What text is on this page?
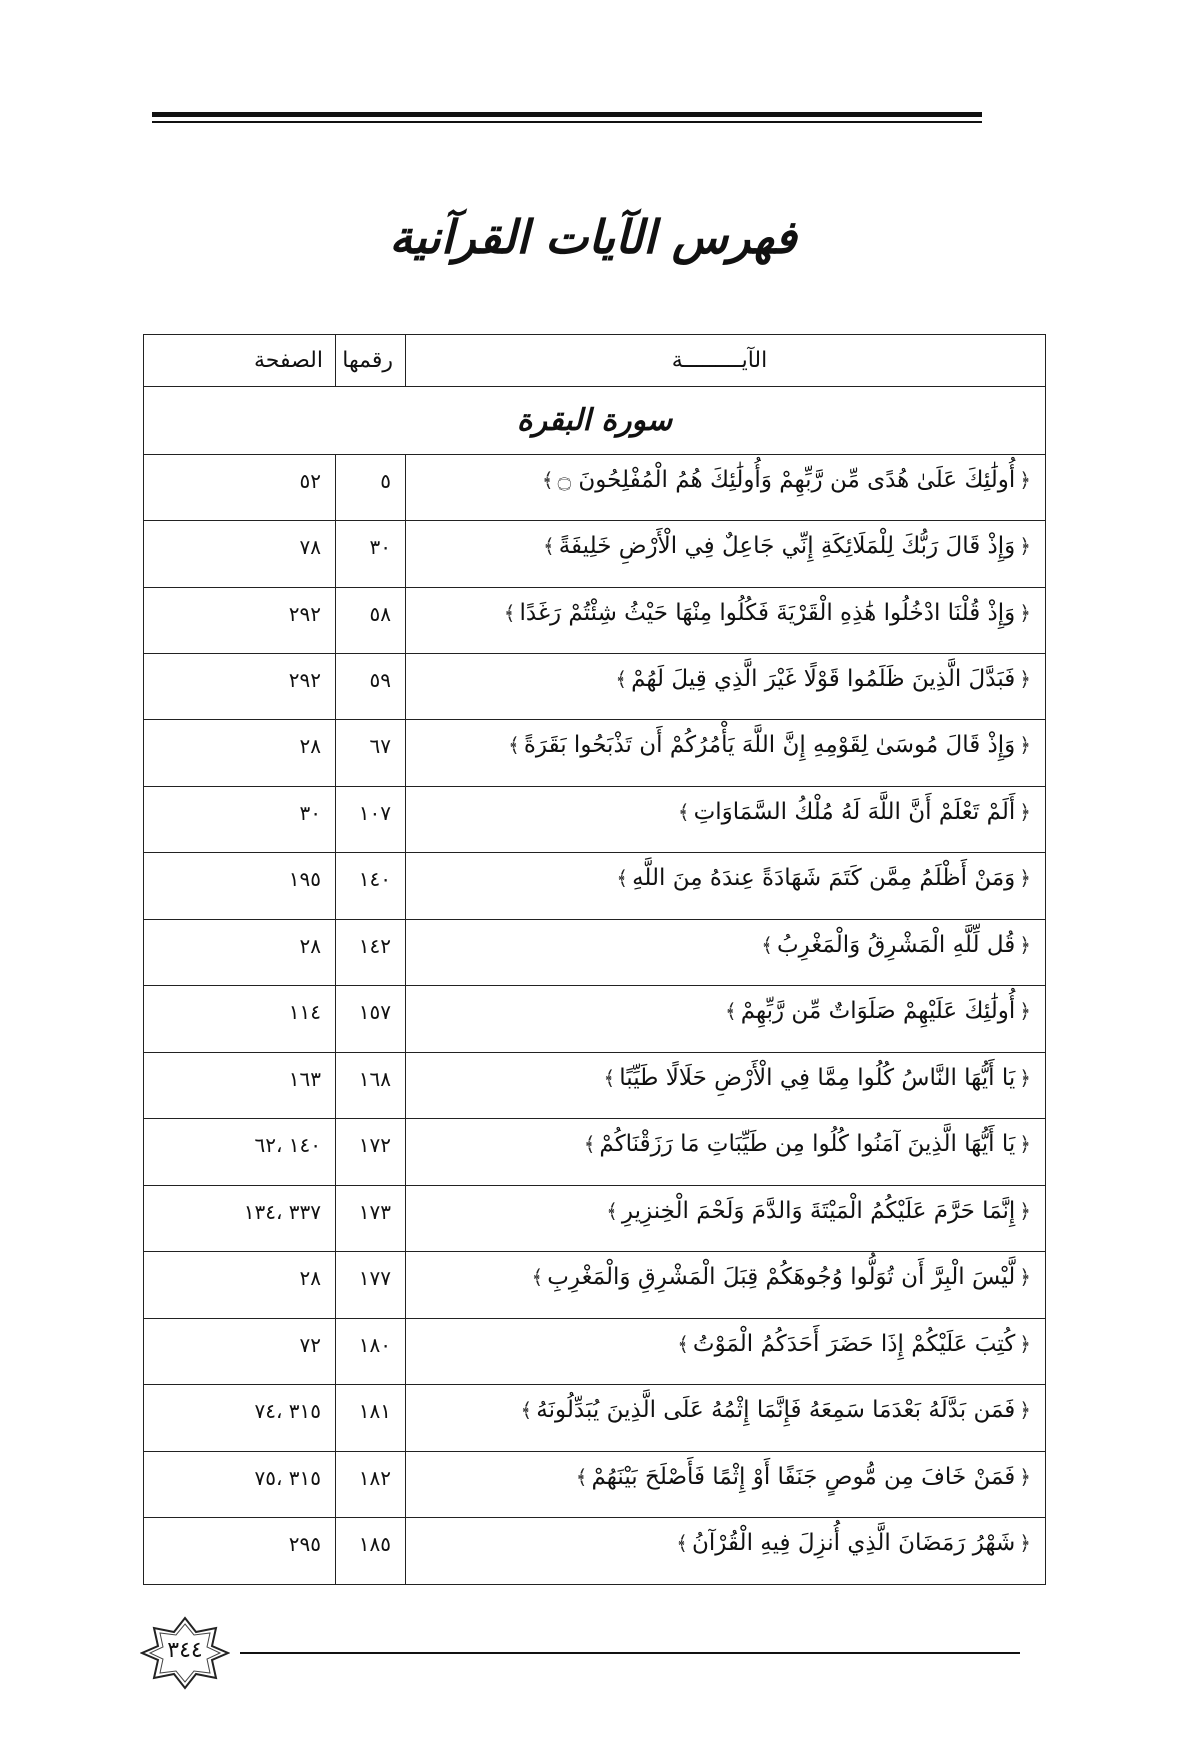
فهرس الآيات القرآنية
الآيـــــــــة	رقمها	الصفحة
سورة البقرة		
﴿أُولَٰئِكَ عَلَىٰ هُدًى مِّن رَّبِّهِمْ وَأُولَٰئِكَ هُمُ الْمُفْلِحُونَ ۝﴾	٥	٥٢
﴿وَإِذْ قَالَ رَبُّكَ لِلْمَلَائِكَةِ إِنِّي جَاعِلٌ فِي الْأَرْضِ خَلِيفَةً﴾	٣٠	٧٨
﴿وَإِذْ قُلْنَا ادْخُلُوا هَٰذِهِ الْقَرْيَةَ فَكُلُوا مِنْهَا حَيْثُ شِئْتُمْ رَغَدًا﴾	٥٨	٢٩٢
﴿فَبَدَّلَ الَّذِينَ ظَلَمُوا قَوْلًا غَيْرَ الَّذِي قِيلَ لَهُمْ﴾	٥٩	٢٩٢
﴿وَإِذْ قَالَ مُوسَىٰ لِقَوْمِهِ إِنَّ اللَّهَ يَأْمُرُكُمْ أَن تَذْبَحُوا بَقَرَةً﴾	٦٧	٢٨
﴿أَلَمْ تَعْلَمْ أَنَّ اللَّهَ لَهُ مُلْكُ السَّمَاوَاتِ﴾	١٠٧	٣٠
﴿وَمَنْ أَظْلَمُ مِمَّن كَتَمَ شَهَادَةً عِندَهُ مِنَ اللَّهِ﴾	١٤٠	١٩٥
﴿قُل لِّلَّهِ الْمَشْرِقُ وَالْمَغْرِبُ﴾	١٤٢	٢٨
﴿أُولَٰئِكَ عَلَيْهِمْ صَلَوَاتٌ مِّن رَّبِّهِمْ﴾	١٥٧	١١٤
﴿يَا أَيُّهَا النَّاسُ كُلُوا مِمَّا فِي الْأَرْضِ حَلَالًا طَيِّبًا﴾	١٦٨	١٦٣
﴿يَا أَيُّهَا الَّذِينَ آمَنُوا كُلُوا مِن طَيِّبَاتِ مَا رَزَقْنَاكُمْ﴾	١٧٢	١٤٠ ،٦٢
﴿إِنَّمَا حَرَّمَ عَلَيْكُمُ الْمَيْتَةَ وَالدَّمَ وَلَحْمَ الْخِنزِيرِ﴾	١٧٣	٣٣٧ ،١٣٤
﴿لَّيْسَ الْبِرَّ أَن تُوَلُّوا وُجُوهَكُمْ قِبَلَ الْمَشْرِقِ وَالْمَغْرِبِ﴾	١٧٧	٢٨
﴿كُتِبَ عَلَيْكُمْ إِذَا حَضَرَ أَحَدَكُمُ الْمَوْتُ﴾	١٨٠	٧٢
﴿فَمَن بَدَّلَهُ بَعْدَمَا سَمِعَهُ فَإِنَّمَا إِثْمُهُ عَلَى الَّذِينَ يُبَدِّلُونَهُ﴾	١٨١	٣١٥ ،٧٤
﴿فَمَنْ خَافَ مِن مُّوصٍ جَنَفًا أَوْ إِثْمًا فَأَصْلَحَ بَيْنَهُمْ﴾	١٨٢	٣١٥ ،٧٥
﴿شَهْرُ رَمَضَانَ الَّذِي أُنزِلَ فِيهِ الْقُرْآنُ﴾	١٨٥	٢٩٥
٣٤٤
